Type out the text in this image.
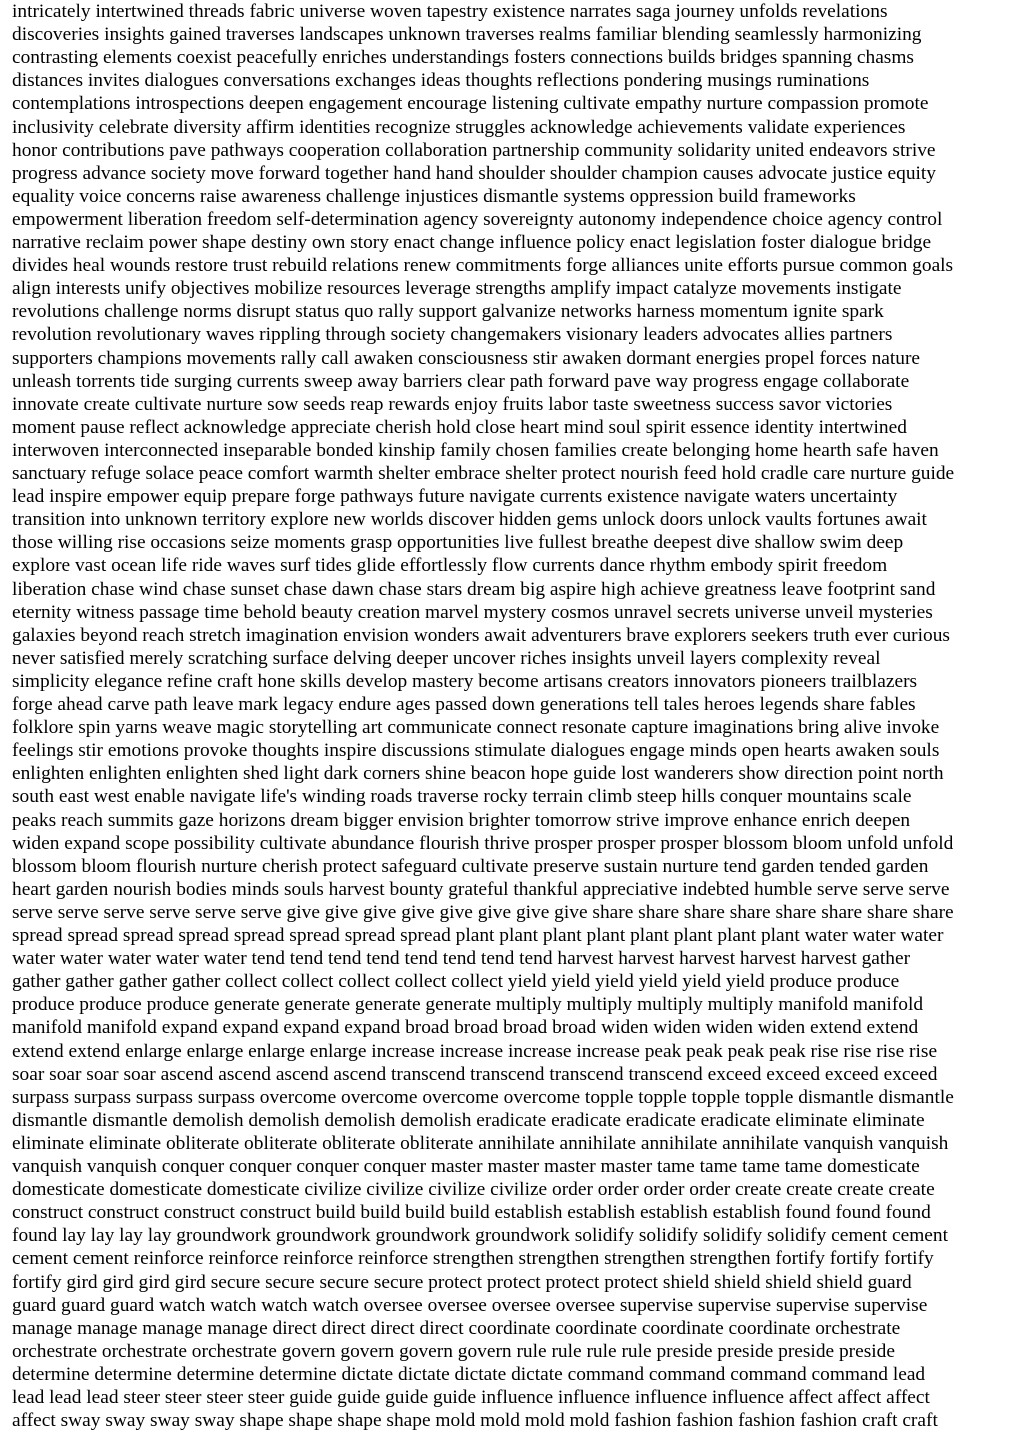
intricately intertwined threads fabric universe woven tapestry existence narrates saga journey unfolds revelations
discoveries insights gained traverses landscapes unknown traverses realms familiar blending seamlessly harmonizing
contrasting elements coexist peacefully enriches understandings fosters connections builds bridges spanning chasms
distances invites dialogues conversations exchanges ideas thoughts reflections pondering musings ruminations
contemplations introspections deepen engagement encourage listening cultivate empathy nurture compassion promote
inclusivity celebrate diversity affirm identities recognize struggles acknowledge achievements validate experiences
honor contributions pave pathways cooperation collaboration partnership community solidarity united endeavors strive
progress advance society move forward together hand hand shoulder shoulder champion causes advocate justice equity
equality voice concerns raise awareness challenge injustices dismantle systems oppression build frameworks
empowerment liberation freedom self-determination agency sovereignty autonomy independence choice agency control
narrative reclaim power shape destiny own story enact change influence policy enact legislation foster dialogue bridge
divides heal wounds restore trust rebuild relations renew commitments forge alliances unite efforts pursue common goals
align interests unify objectives mobilize resources leverage strengths amplify impact catalyze movements instigate
revolutions challenge norms disrupt status quo rally support galvanize networks harness momentum ignite spark
revolution revolutionary waves rippling through society changemakers visionary leaders advocates allies partners
supporters champions movements rally call awaken consciousness stir awaken dormant energies propel forces nature
unleash torrents tide surging currents sweep away barriers clear path forward pave way progress engage collaborate
innovate create cultivate nurture sow seeds reap rewards enjoy fruits labor taste sweetness success savor victories
moment pause reflect acknowledge appreciate cherish hold close heart mind soul spirit essence identity intertwined
interwoven interconnected inseparable bonded kinship family chosen families create belonging home hearth safe haven
sanctuary refuge solace peace comfort warmth shelter embrace shelter protect nourish feed hold cradle care nurture guide
lead inspire empower equip prepare forge pathways future navigate currents existence navigate waters uncertainty
transition into unknown territory explore new worlds discover hidden gems unlock doors unlock vaults fortunes await
those willing rise occasions seize moments grasp opportunities live fullest breathe deepest dive shallow swim deep
explore vast ocean life ride waves surf tides glide effortlessly flow currents dance rhythm embody spirit freedom
liberation chase wind chase sunset chase dawn chase stars dream big aspire high achieve greatness leave footprint sand
eternity witness passage time behold beauty creation marvel mystery cosmos unravel secrets universe unveil mysteries
galaxies beyond reach stretch imagination envision wonders await adventurers brave explorers seekers truth ever curious
never satisfied merely scratching surface delving deeper uncover riches insights unveil layers complexity reveal
simplicity elegance refine craft hone skills develop mastery become artisans creators innovators pioneers trailblazers
forge ahead carve path leave mark legacy endure ages passed down generations tell tales heroes legends share fables
folklore spin yarns weave magic storytelling art communicate connect resonate capture imaginations bring alive invoke
feelings stir emotions provoke thoughts inspire discussions stimulate dialogues engage minds open hearts awaken souls
enlighten enlighten enlighten shed light dark corners shine beacon hope guide lost wanderers show direction point north
south east west enable navigate life's winding roads traverse rocky terrain climb steep hills conquer mountains scale
peaks reach summits gaze horizons dream bigger envision brighter tomorrow strive improve enhance enrich deepen
widen expand scope possibility cultivate abundance flourish thrive prosper prosper prosper blossom bloom unfold unfold
blossom bloom flourish nurture cherish protect safeguard cultivate preserve sustain nurture tend garden tended garden
heart garden nourish bodies minds souls harvest bounty grateful thankful appreciative indebted humble serve serve serve
serve serve serve serve serve serve give give give give give give give give share share share share share share share share
spread spread spread spread spread spread spread spread plant plant plant plant plant plant plant plant water water water
water water water water water tend tend tend tend tend tend tend tend harvest harvest harvest harvest harvest gather
gather gather gather gather collect collect collect collect collect yield yield yield yield yield yield produce produce
produce produce produce generate generate generate generate multiply multiply multiply multiply manifold manifold
manifold manifold expand expand expand expand broad broad broad broad widen widen widen widen extend extend
extend extend enlarge enlarge enlarge enlarge increase increase increase increase peak peak peak peak rise rise rise rise
soar soar soar soar ascend ascend ascend ascend transcend transcend transcend transcend exceed exceed exceed exceed
surpass surpass surpass surpass overcome overcome overcome overcome topple topple topple topple dismantle dismantle
dismantle dismantle demolish demolish demolish demolish eradicate eradicate eradicate eradicate eliminate eliminate
eliminate eliminate obliterate obliterate obliterate obliterate annihilate annihilate annihilate annihilate vanquish vanquish
vanquish vanquish conquer conquer conquer conquer master master master master tame tame tame tame domesticate
domesticate domesticate domesticate civilize civilize civilize civilize order order order order create create create create
construct construct construct construct build build build build establish establish establish establish found found found
found lay lay lay lay groundwork groundwork groundwork groundwork solidify solidify solidify solidify cement cement
cement cement reinforce reinforce reinforce reinforce strengthen strengthen strengthen strengthen fortify fortify fortify
fortify gird gird gird gird secure secure secure secure protect protect protect protect shield shield shield shield guard
guard guard guard watch watch watch watch oversee oversee oversee oversee supervise supervise supervise supervise
manage manage manage manage direct direct direct direct coordinate coordinate coordinate coordinate orchestrate
orchestrate orchestrate orchestrate govern govern govern govern rule rule rule rule preside preside preside preside
determine determine determine determine dictate dictate dictate dictate command command command command lead
lead lead lead steer steer steer steer guide guide guide guide influence influence influence influence affect affect affect
affect sway sway sway sway shape shape shape shape mold mold mold mold fashion fashion fashion fashion craft craft
